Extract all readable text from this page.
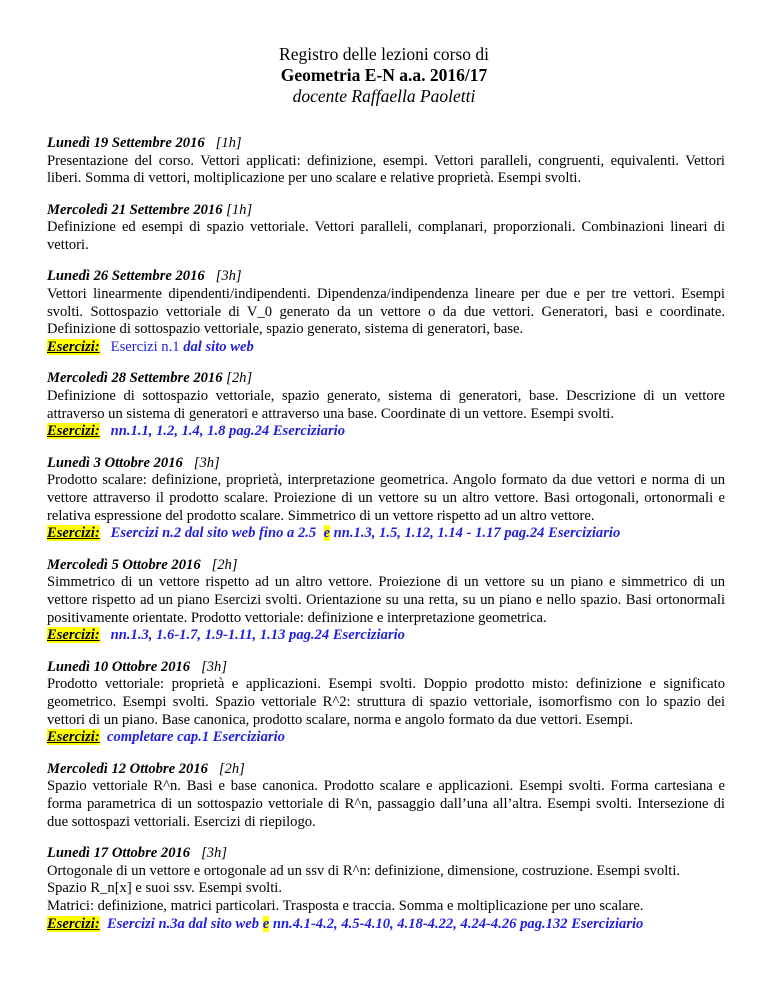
Registro delle lezioni corso di
Geometria E-N a.a. 2016/17
docente Raffaella Paoletti
Lunedì 19 Settembre 2016 [1h]
Presentazione del corso. Vettori applicati: definizione, esempi. Vettori paralleli, congruenti, equivalenti. Vettori liberi. Somma di vettori, moltiplicazione per uno scalare e relative proprietà. Esempi svolti.
Mercoledì 21 Settembre 2016 [1h]
Definizione ed esempi di spazio vettoriale. Vettori paralleli, complanari, proporzionali. Combinazioni lineari di vettori.
Lunedì 26 Settembre 2016 [3h]
Vettori linearmente dipendenti/indipendenti. Dipendenza/indipendenza lineare per due e per tre vettori. Esempi svolti. Sottospazio vettoriale di V_0 generato da un vettore o da due vettori. Generatori, basi e coordinate. Definizione di sottospazio vettoriale, spazio generato, sistema di generatori, base.
Esercizi: Esercizi n.1 dal sito web
Mercoledì 28 Settembre 2016 [2h]
Definizione di sottospazio vettoriale, spazio generato, sistema di generatori, base. Descrizione di un vettore attraverso un sistema di generatori e attraverso una base. Coordinate di un vettore. Esempi svolti.
Esercizi: nn.1.1, 1.2, 1.4, 1.8 pag.24 Eserciziario
Lunedì 3 Ottobre 2016 [3h]
Prodotto scalare: definizione, proprietà, interpretazione geometrica. Angolo formato da due vettori e norma di un vettore attraverso il prodotto scalare. Proiezione di un vettore su un altro vettore. Basi ortogonali, ortonormali e relativa espressione del prodotto scalare. Simmetrico di un vettore rispetto ad un altro vettore.
Esercizi: Esercizi n.2 dal sito web fino a 2.5 e nn.1.3, 1.5, 1.12, 1.14 - 1.17 pag.24 Eserciziario
Mercoledì 5 Ottobre 2016 [2h]
Simmetrico di un vettore rispetto ad un altro vettore. Proiezione di un vettore su un piano e simmetrico di un vettore rispetto ad un piano Esercizi svolti. Orientazione su una retta, su un piano e nello spazio. Basi ortonormali positivamente orientate. Prodotto vettoriale: definizione e interpretazione geometrica.
Esercizi: nn.1.3, 1.6-1.7, 1.9-1.11, 1.13 pag.24 Eserciziario
Lunedì 10 Ottobre 2016 [3h]
Prodotto vettoriale: proprietà e applicazioni. Esempi svolti. Doppio prodotto misto: definizione e significato geometrico. Esempi svolti. Spazio vettoriale R^2: struttura di spazio vettoriale, isomorfismo con lo spazio dei vettori di un piano. Base canonica, prodotto scalare, norma e angolo formato da due vettori. Esempi.
Esercizi: completare cap.1 Eserciziario
Mercoledì 12 Ottobre 2016 [2h]
Spazio vettoriale R^n. Basi e base canonica. Prodotto scalare e applicazioni. Esempi svolti. Forma cartesiana e forma parametrica di un sottospazio vettoriale di R^n, passaggio dall’una all’altra. Esempi svolti. Intersezione di due sottospazi vettoriali. Esercizi di riepilogo.
Lunedì 17 Ottobre 2016 [3h]
Ortogonale di un vettore e ortogonale ad un ssv di R^n: definizione, dimensione, costruzione. Esempi svolti.
Spazio R_n[x] e suoi ssv. Esempi svolti.
Matrici: definizione, matrici particolari. Trasposta e traccia. Somma e moltiplicazione per uno scalare.
Esercizi: Esercizi n.3a dal sito web e nn.4.1-4.2, 4.5-4.10, 4.18-4.22, 4.24-4.26 pag.132 Eserciziario
